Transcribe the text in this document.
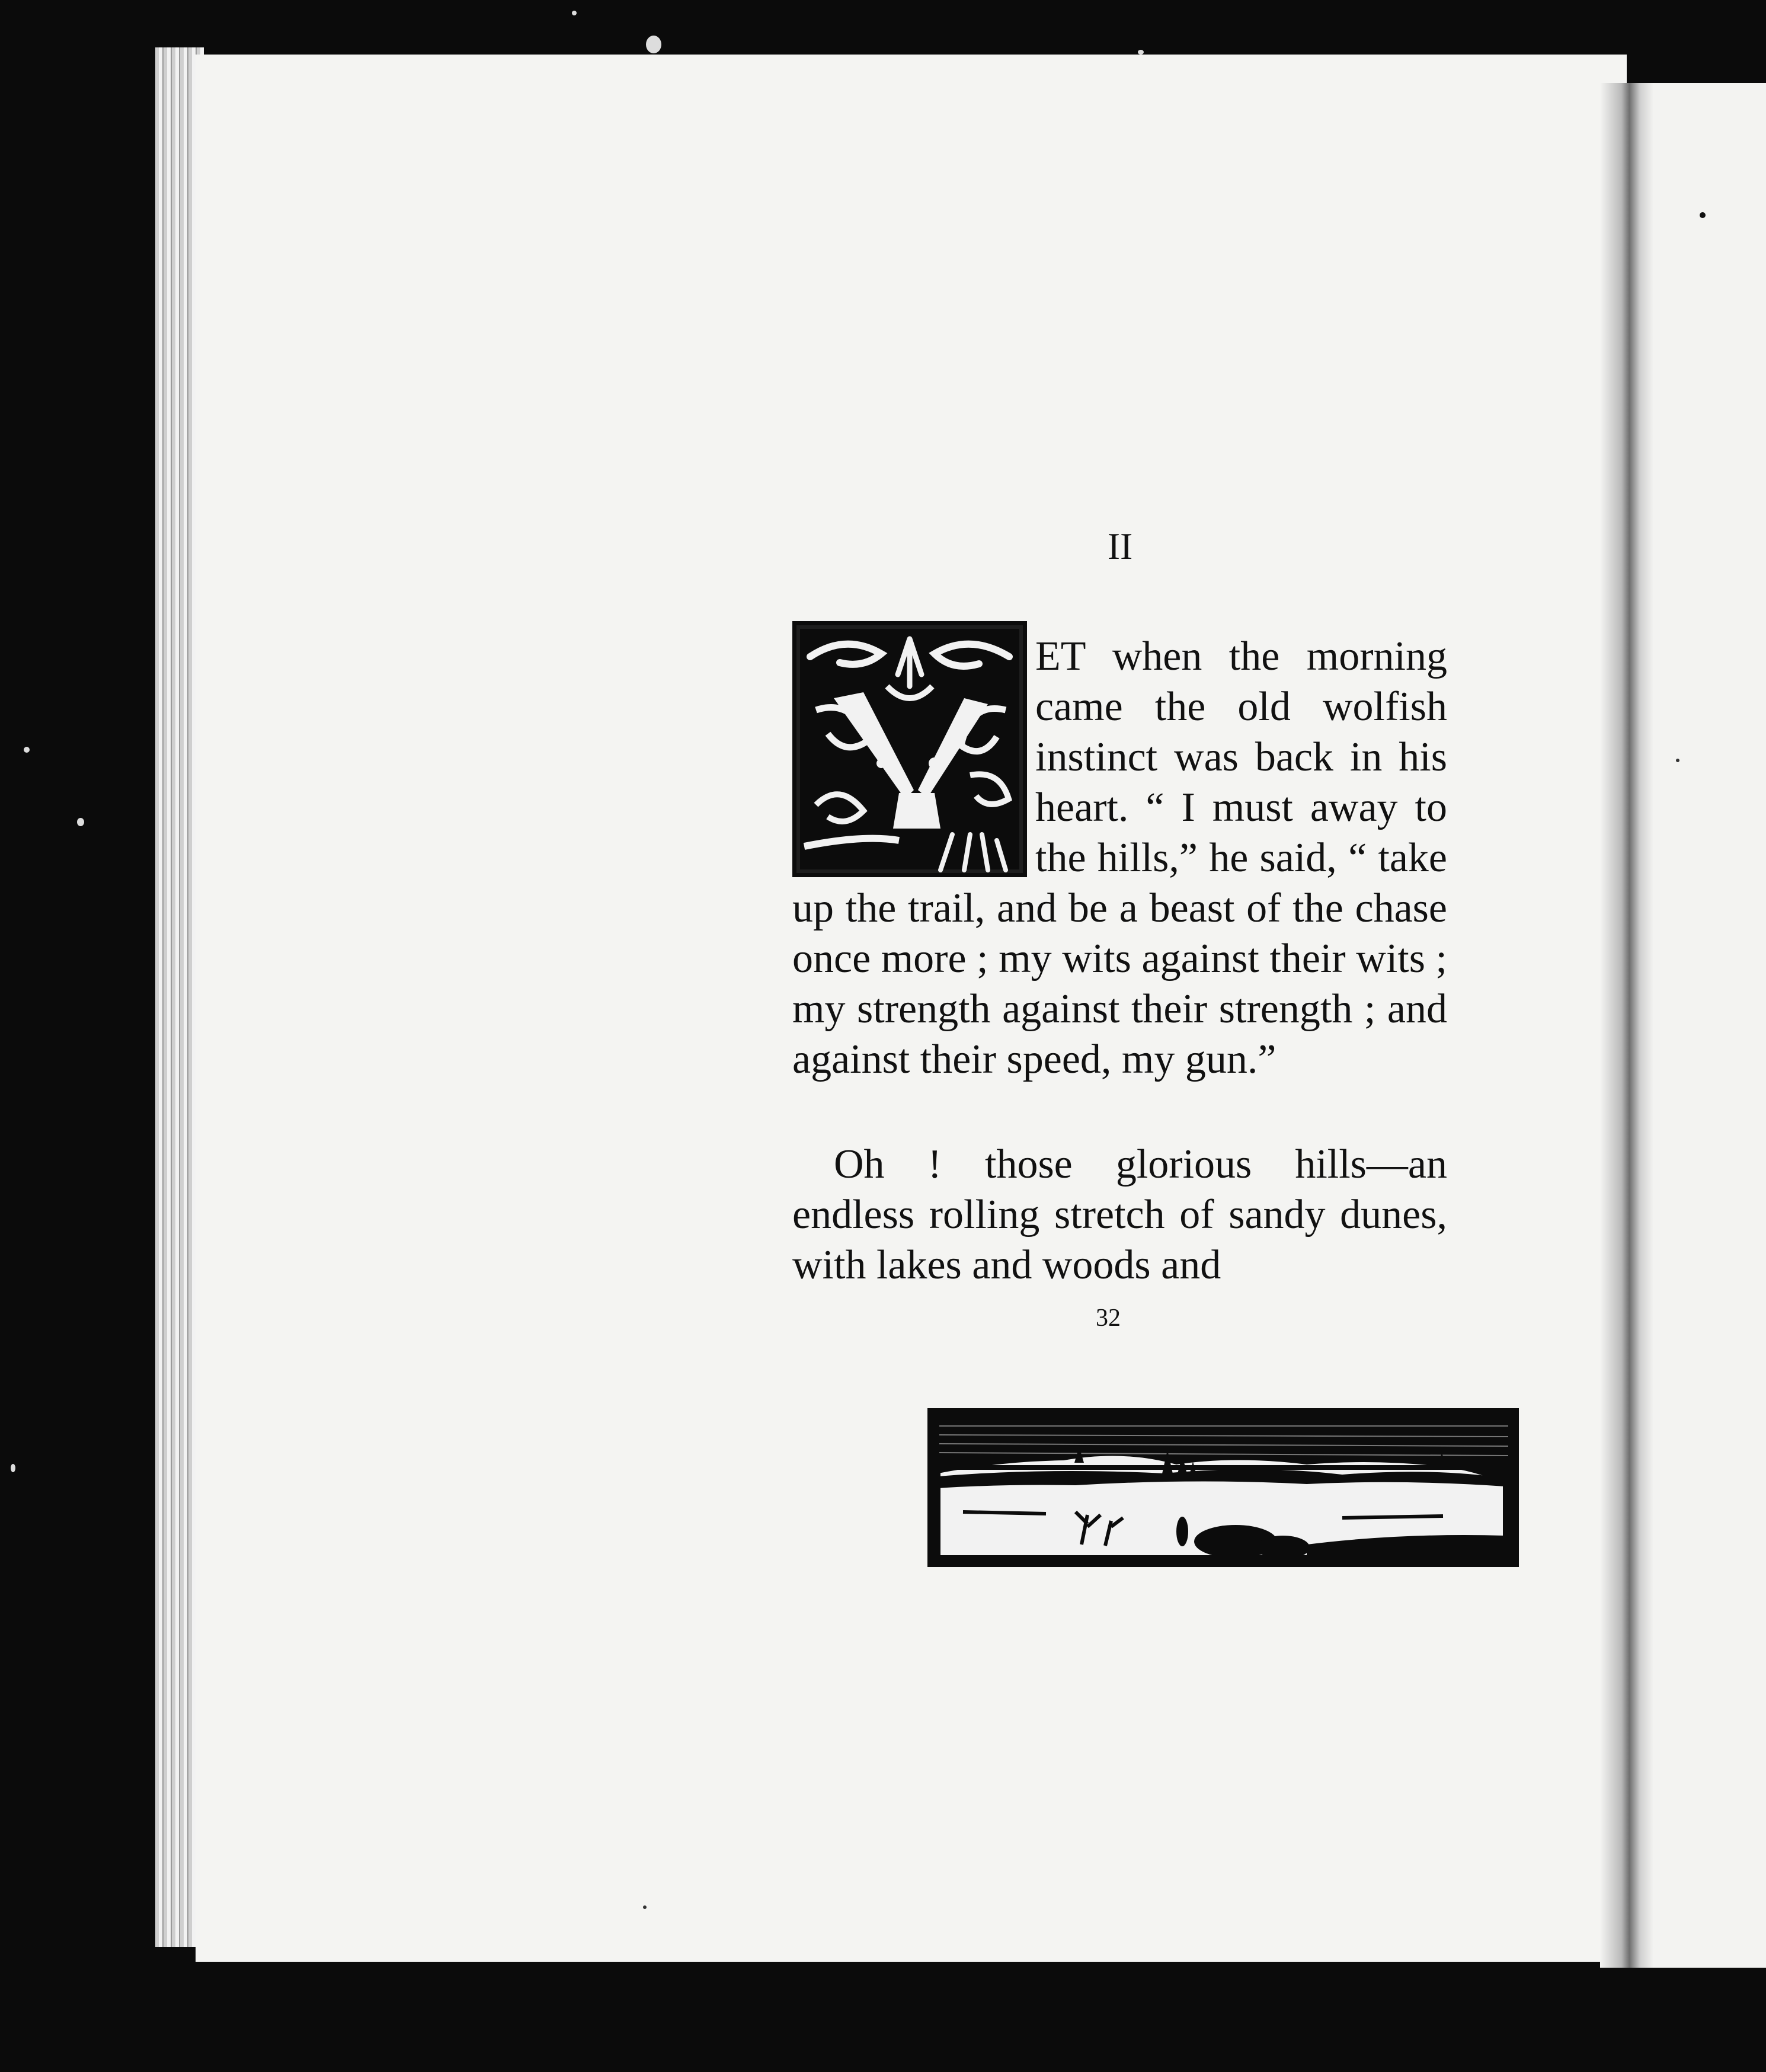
II
ET when the morning came the old wolfish instinct was back in his heart. “ I must away to the hills,” he said, “ take up the trail, and be a beast of the chase once more ; my wits against their wits ; my strength against their strength ; and against their speed, my gun.”
Oh ! those glorious hills—an endless rolling stretch of sandy dunes, with lakes and woods and
32
